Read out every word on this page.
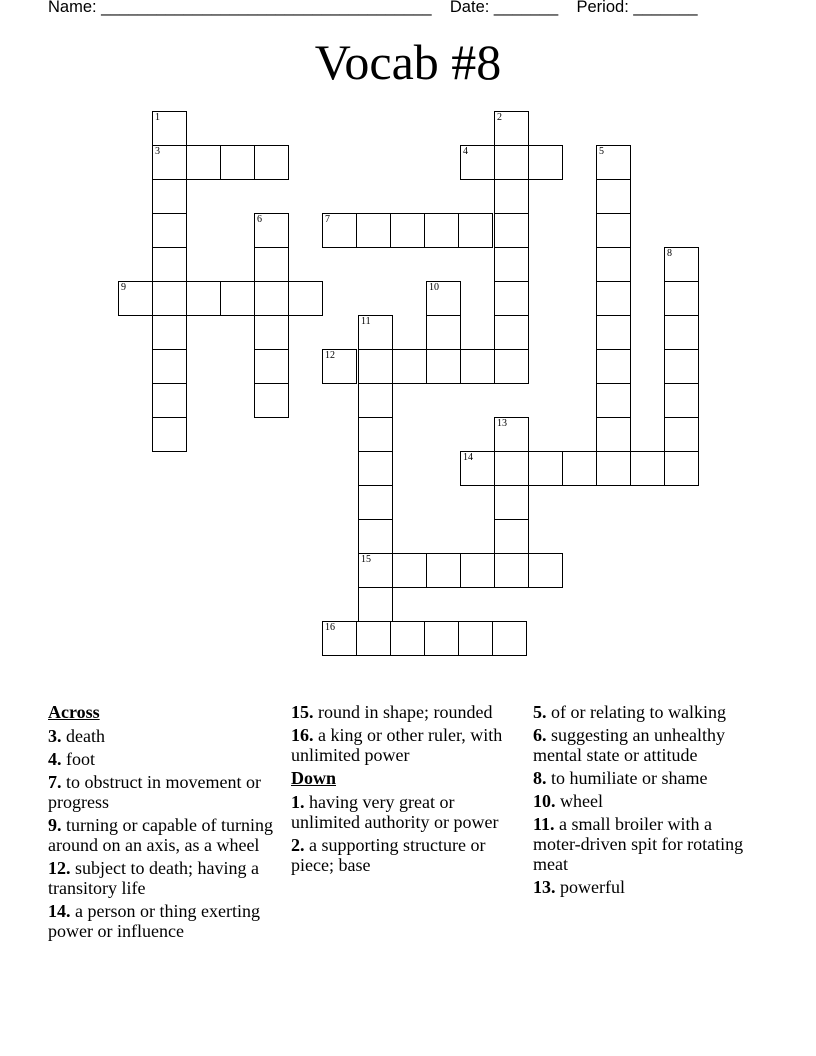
Name: ____________________________________ Date: _______ Period: _______
Vocab #8
1
3
2
4	5
6	7
8
9	10
11
15
12
13
14
16
Across
3. death
4. foot
7. to obstruct in movement or progress
9. turning or capable of turning around on an axis, as a wheel
12. subject to death; having a transitory life
14. a person or thing exerting power or influence
15. round in shape; rounded
16. a king or other ruler, with unlimited power
Down
1. having very great or unlimited authority or power
2. a supporting structure or piece; base
5. of or relating to walking
6. suggesting an unhealthy mental state or attitude
8. to humiliate or shame
10. wheel
11. a small broiler with a moter-driven spit for rotating meat
13. powerful
